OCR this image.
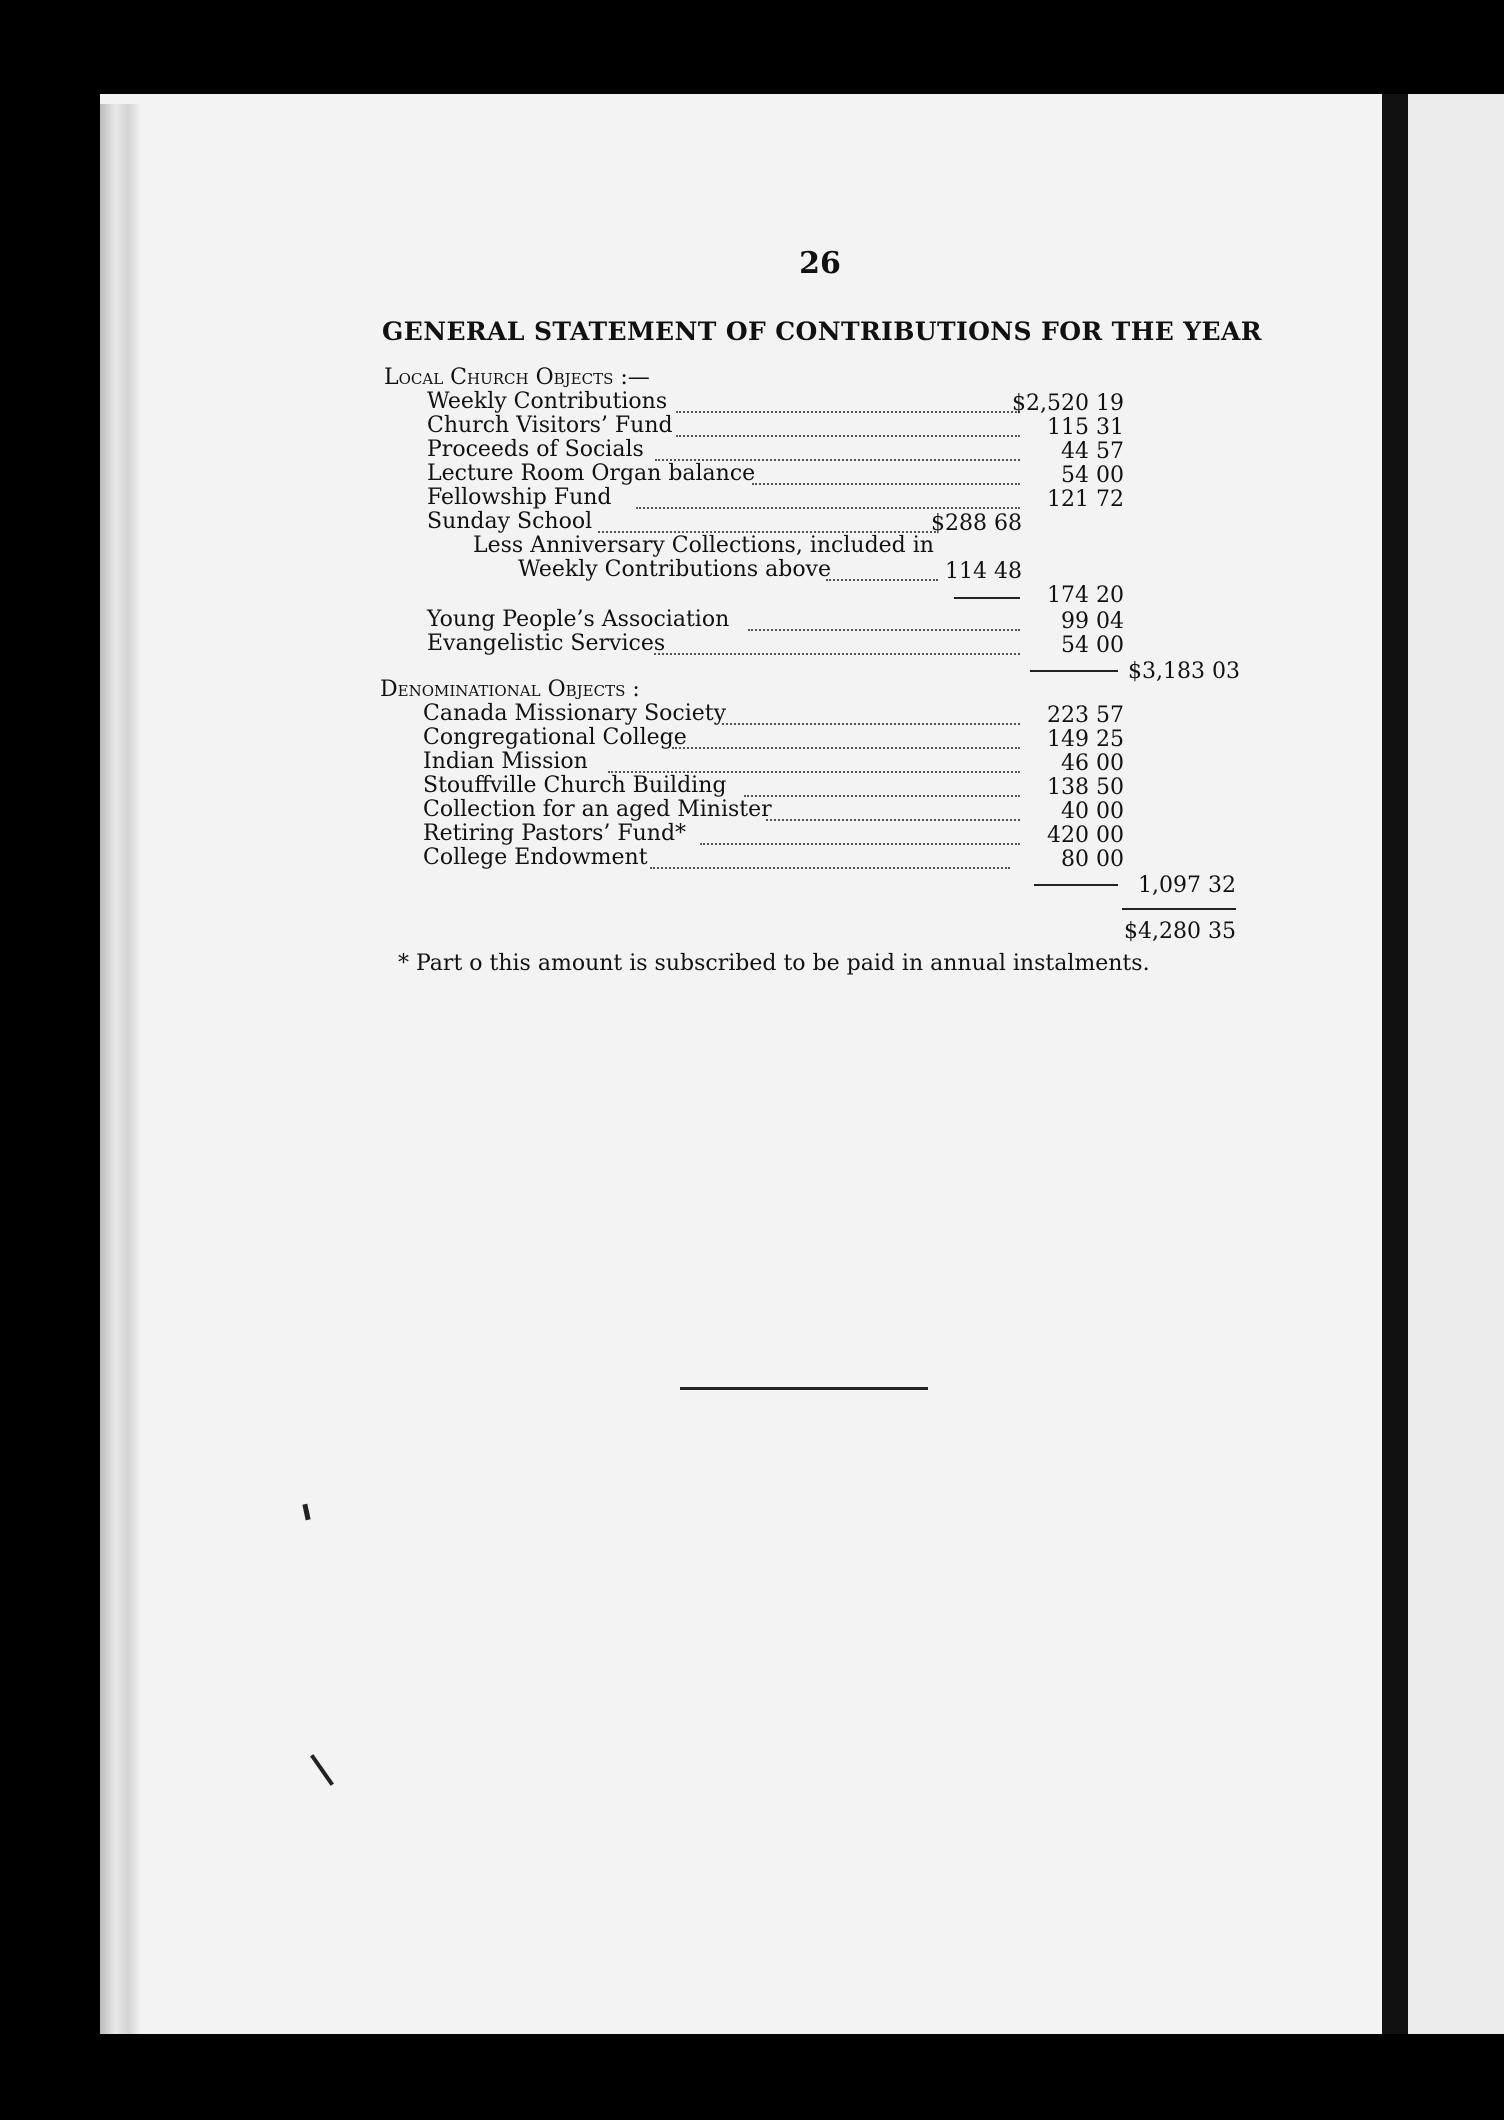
26
GENERAL STATEMENT OF CONTRIBUTIONS FOR THE YEAR
Local Church Objects :—
Weekly Contributions	$2,520 19
Church Visitors’ Fund	115 31
Proceeds of Socials	44 57
Lecture Room Organ balance	54 00
Fellowship Fund	121 72
Sunday School	$288 68
Less Anniversary Collections, included in
Weekly Contributions above	114 48
174 20
Young People’s Association	99 04
Evangelistic Services	54 00
$3,183 03
Denominational Objects :
Canada Missionary Society	223 57
Congregational College	149 25
Indian Mission	46 00
Stouffville Church Building	138 50
Collection for an aged Minister	40 00
Retiring Pastors’ Fund*	420 00
College Endowment	80 00
1,097 32
$4,280 35
* Part o this amount is subscribed to be paid in annual instalments.
